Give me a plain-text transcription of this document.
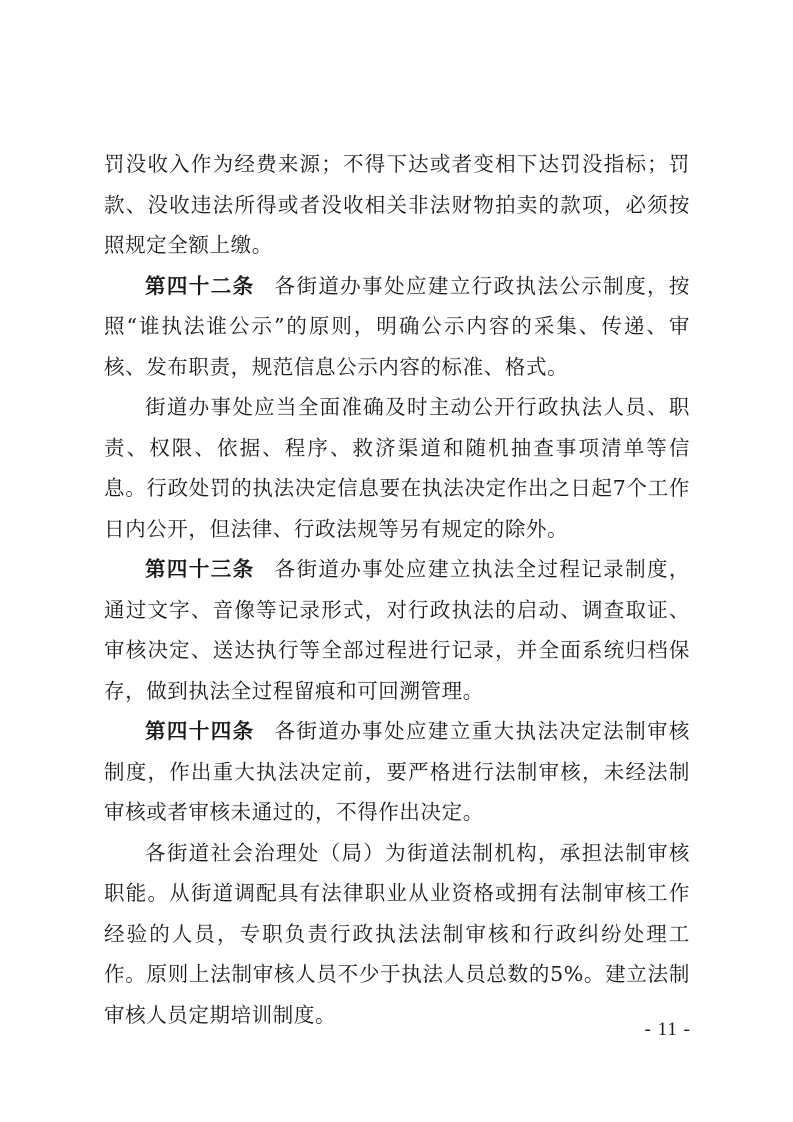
罚没收入作为经费来源；不得下达或者变相下达罚没指标；罚款、没收违法所得或者没收相关非法财物拍卖的款项，必须按照规定全额上缴。

第四十二条 各街道办事处应建立行政执法公示制度，按照“谁执法谁公示”的原则，明确公示内容的采集、传递、审核、发布职责，规范信息公示内容的标准、格式。

街道办事处应当全面准确及时主动公开行政执法人员、职责、权限、依据、程序、救济渠道和随机抽查事项清单等信息。行政处罚的执法决定信息要在执法决定作出之日起7个工作日内公开，但法律、行政法规等另有规定的除外。

第四十三条 各街道办事处应建立执法全过程记录制度，通过文字、音像等记录形式，对行政执法的启动、调查取证、审核决定、送达执行等全部过程进行记录，并全面系统归档保存，做到执法全过程留痕和可回溯管理。

第四十四条 各街道办事处应建立重大执法决定法制审核制度，作出重大执法决定前，要严格进行法制审核，未经法制审核或者审核未通过的，不得作出决定。

各街道社会治理处（局）为街道法制机构，承担法制审核职能。从街道调配具有法律职业从业资格或拥有法制审核工作经验的人员，专职负责行政执法法制审核和行政纠纷处理工作。原则上法制审核人员不少于执法人员总数的5%。建立法制审核人员定期培训制度。

- 11 -
